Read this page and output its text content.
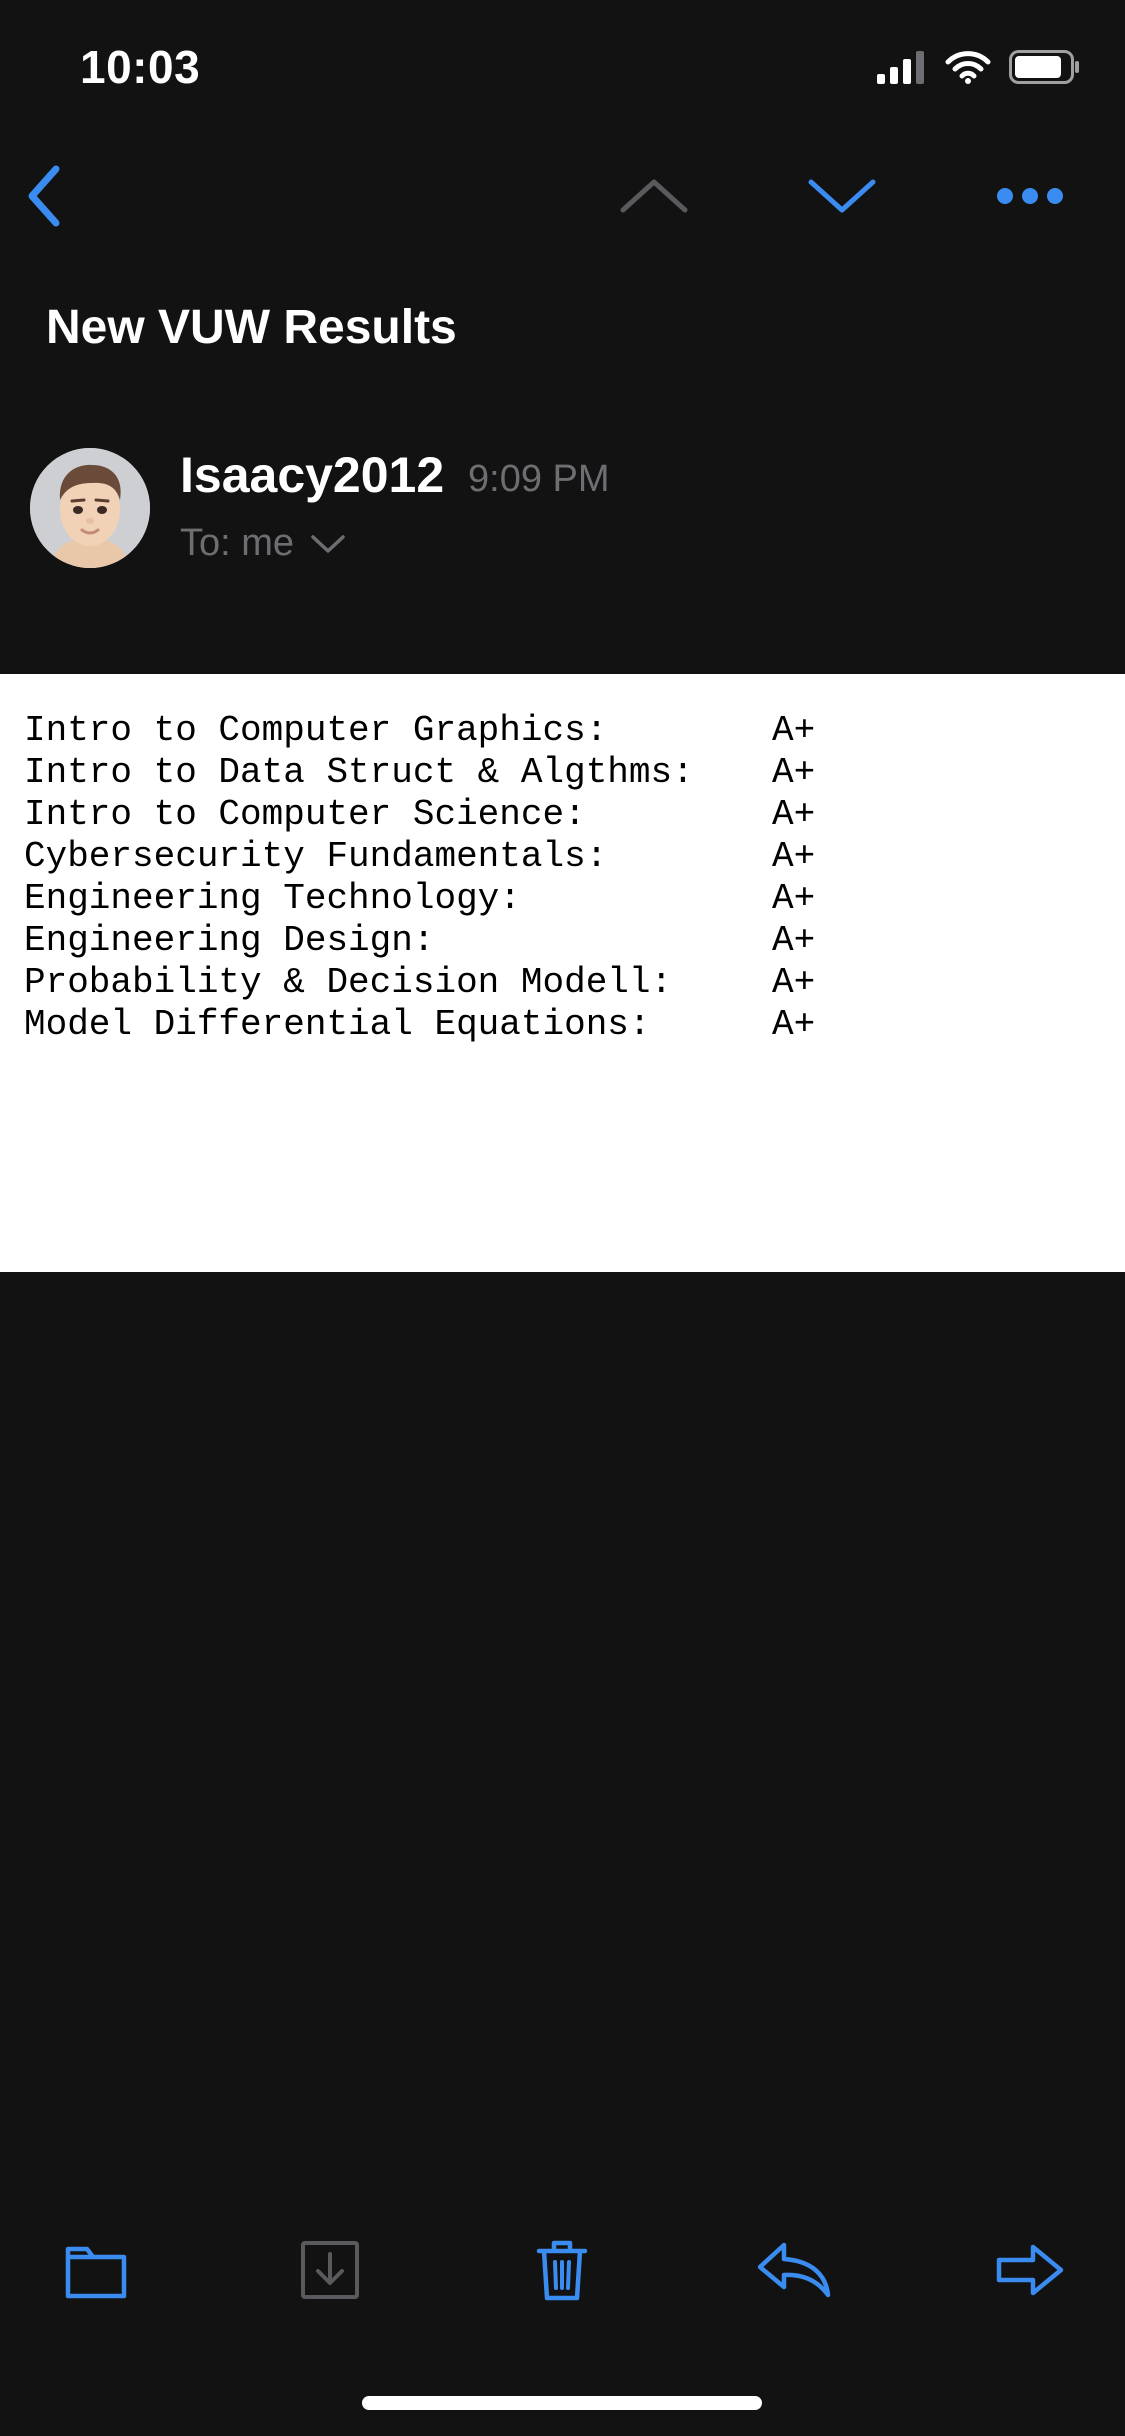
10:03
New VUW Results
Isaacy2012 9:09 PM
To: me
Intro to Computer Graphics:	A+
Intro to Data Struct & Algthms:	A+
Intro to Computer Science:	A+
Cybersecurity Fundamentals:	A+
Engineering Technology:	A+
Engineering Design:	A+
Probability & Decision Modell:	A+
Model Differential Equations:	A+
